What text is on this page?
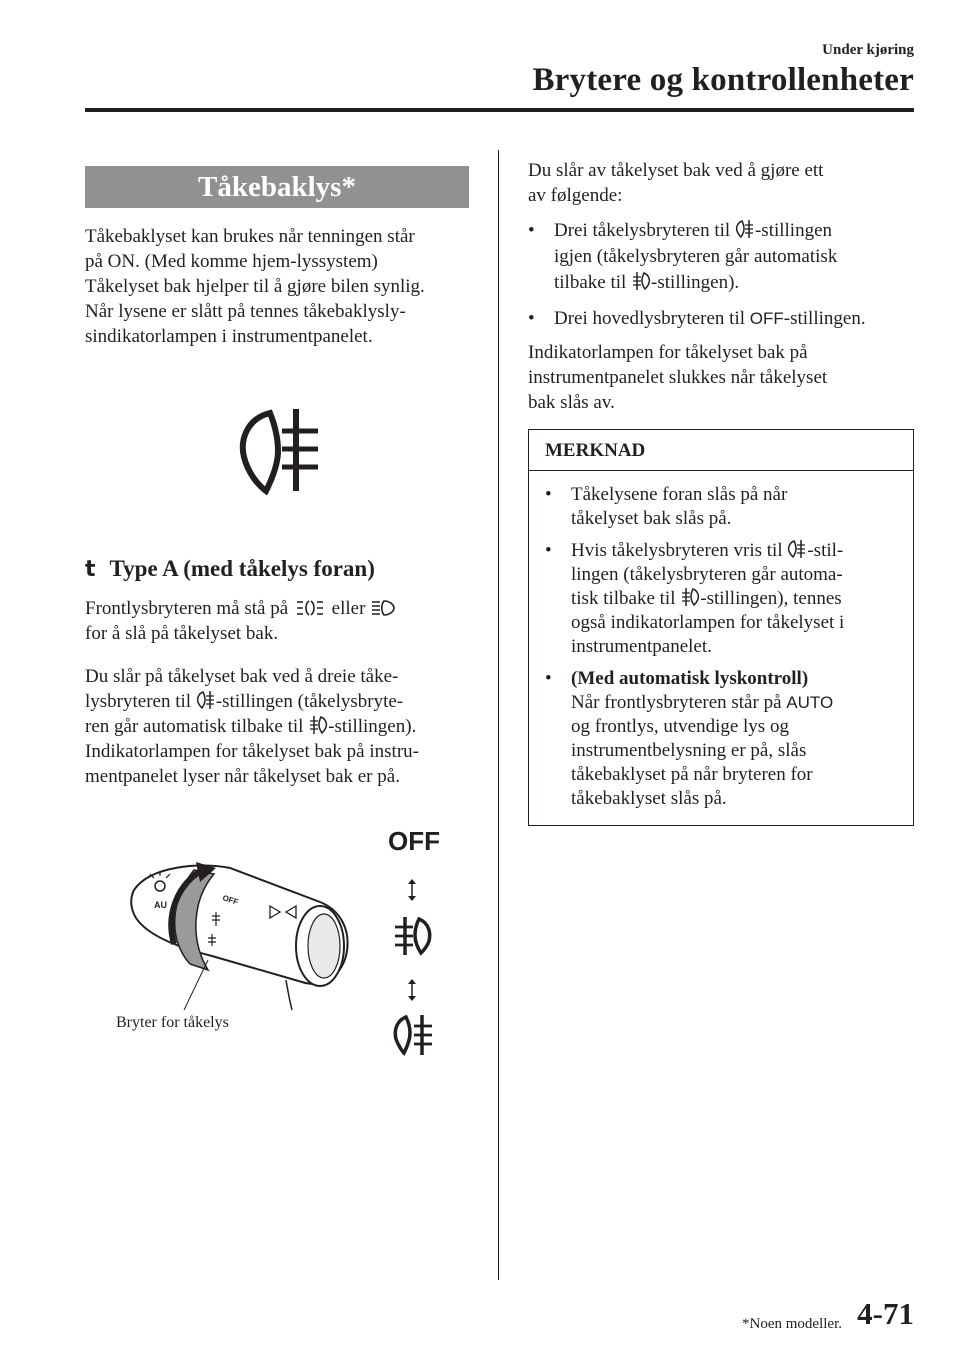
Under kjøring
Brytere og kontrollenheter
Tåkebaklys*

Tåkebaklyset kan brukes når tenningen står

på ON. (Med komme hjem-lyssystem)

Tåkelyset bak hjelper til å gjøre bilen synlig.

Når lysene er slått på tennes tåkebaklysly-

sindikatorlampen i instrumentpanelet.

t Type A (med tåkelys foran)

Frontlysbryteren må stå på eller

for å slå på tåkelyset bak.

Du slår på tåkelyset bak ved å dreie tåke-

lysbryteren til -stillingen (tåkelysbryte-

ren går automatisk tilbake til -stillingen).

Indikatorlampen for tåkelyset bak på instru-

mentpanelet lyser når tåkelyset bak er på.

OFF
AU	OFF
Bryter for tåkelys

Du slår av tåkelyset bak ved å gjøre ett

av følgende:

•	Drei tåkelysbryteren til -stillingen
igjen (tåkelysbryteren går automatisk
tilbake til -stillingen).
•	Drei hovedlysbryteren til OFF-stillingen.

Indikatorlampen for tåkelyset bak på

instrumentpanelet slukkes når tåkelyset

bak slås av.

MERKNAD
•	Tåkelysene foran slås på når
tåkelyset bak slås på.
•	Hvis tåkelysbryteren vris til -stil-
lingen (tåkelysbryteren går automa-
tisk tilbake til -stillingen), tennes
også indikatorlampen for tåkelyset i
instrumentpanelet.
•	(Med automatisk lyskontroll)
Når frontlysbryteren står på AUTO
og frontlys, utvendige lys og
instrumentbelysning er på, slås
tåkebaklyset på når bryteren for
tåkebaklyset slås på.
*Noen modeller. 4-71
